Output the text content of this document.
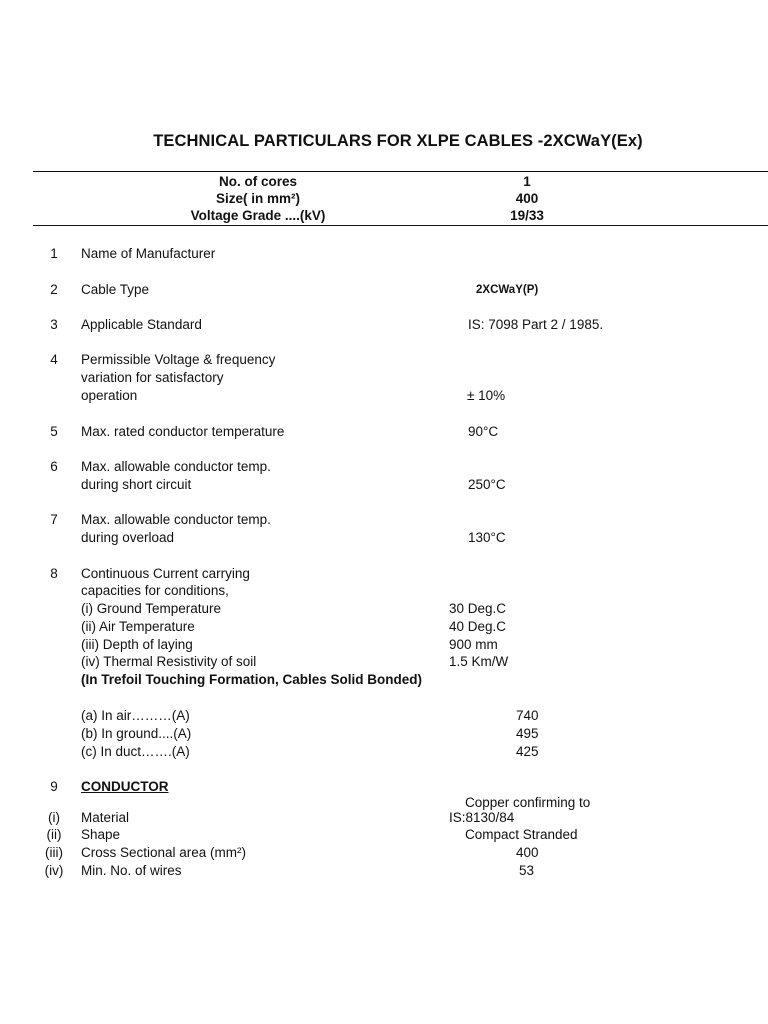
TECHNICAL PARTICULARS FOR XLPE CABLES -2XCWaY(Ex)
No. of cores	1
Size( in mm²)	400
Voltage Grade ....(kV)	19/33
1	Name of Manufacturer
2	Cable Type	2XCWaY(P)
3	Applicable Standard	IS: 7098 Part 2 / 1985.
4	Permissible Voltage & frequency
variation for satisfactory
operation	± 10%
5	Max. rated conductor temperature	90°C
6	Max. allowable conductor temp.
during short circuit	250°C
7	Max. allowable conductor temp.
during overload	130°C
8	Continuous Current carrying
capacities for conditions,
(i) Ground Temperature	30 Deg.C
(ii) Air Temperature	40 Deg.C
(iii) Depth of laying	900 mm
(iv) Thermal Resistivity of soil	1.5 Km/W
(In Trefoil Touching Formation, Cables Solid Bonded)
(a) In air………(A)	740
(b) In ground....(A)	495
(c) In duct…….(A)	425
9	CONDUCTOR
Copper confirming to
(i)	Material	IS:8130/84
(ii)	Shape	Compact Stranded
(iii)	Cross Sectional area (mm²)	400
(iv)	Min. No. of wires	53
